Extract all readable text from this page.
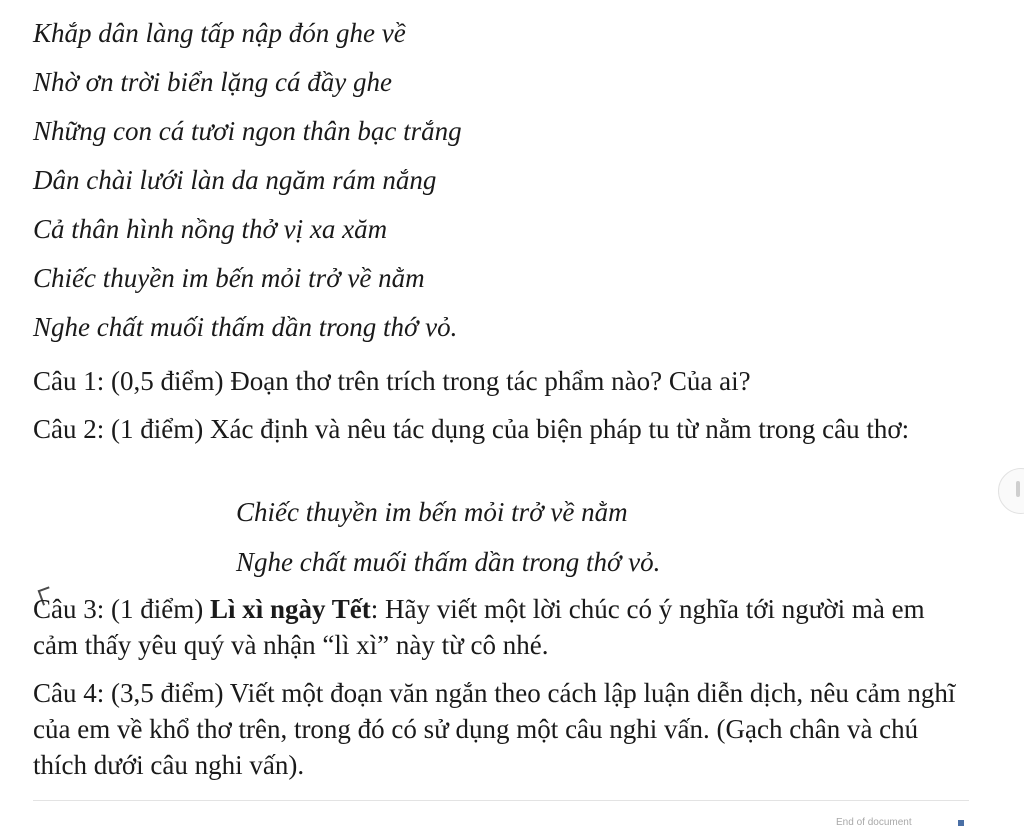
Khắp dân làng tấp nập đón ghe về
Nhờ ơn trời biển lặng cá đầy ghe
Những con cá tươi ngon thân bạc trắng
Dân chài lưới làn da ngăm rám nắng
Cả thân hình nồng thở vị xa xăm
Chiếc thuyền im bến mỏi trở về nằm
Nghe chất muối thấm dần trong thớ vỏ.
Câu 1: (0,5 điểm) Đoạn thơ trên trích trong tác phẩm nào? Của ai?
Câu 2: (1 điểm) Xác định và nêu tác dụng của biện pháp tu từ nằm trong câu thơ:
Chiếc thuyền im bến mỏi trở về nằm
Nghe chất muối thấm dần trong thớ vỏ.
Câu 3: (1 điểm) Lì xì ngày Tết: Hãy viết một lời chúc có ý nghĩa tới người mà em cảm thấy yêu quý và nhận “lì xì” này từ cô nhé.
Câu 4: (3,5 điểm) Viết một đoạn văn ngắn theo cách lập luận diễn dịch, nêu cảm nghĩ của em về khổ thơ trên, trong đó có sử dụng một câu nghi vấn. (Gạch chân và chú thích dưới câu nghi vấn).
End of document
